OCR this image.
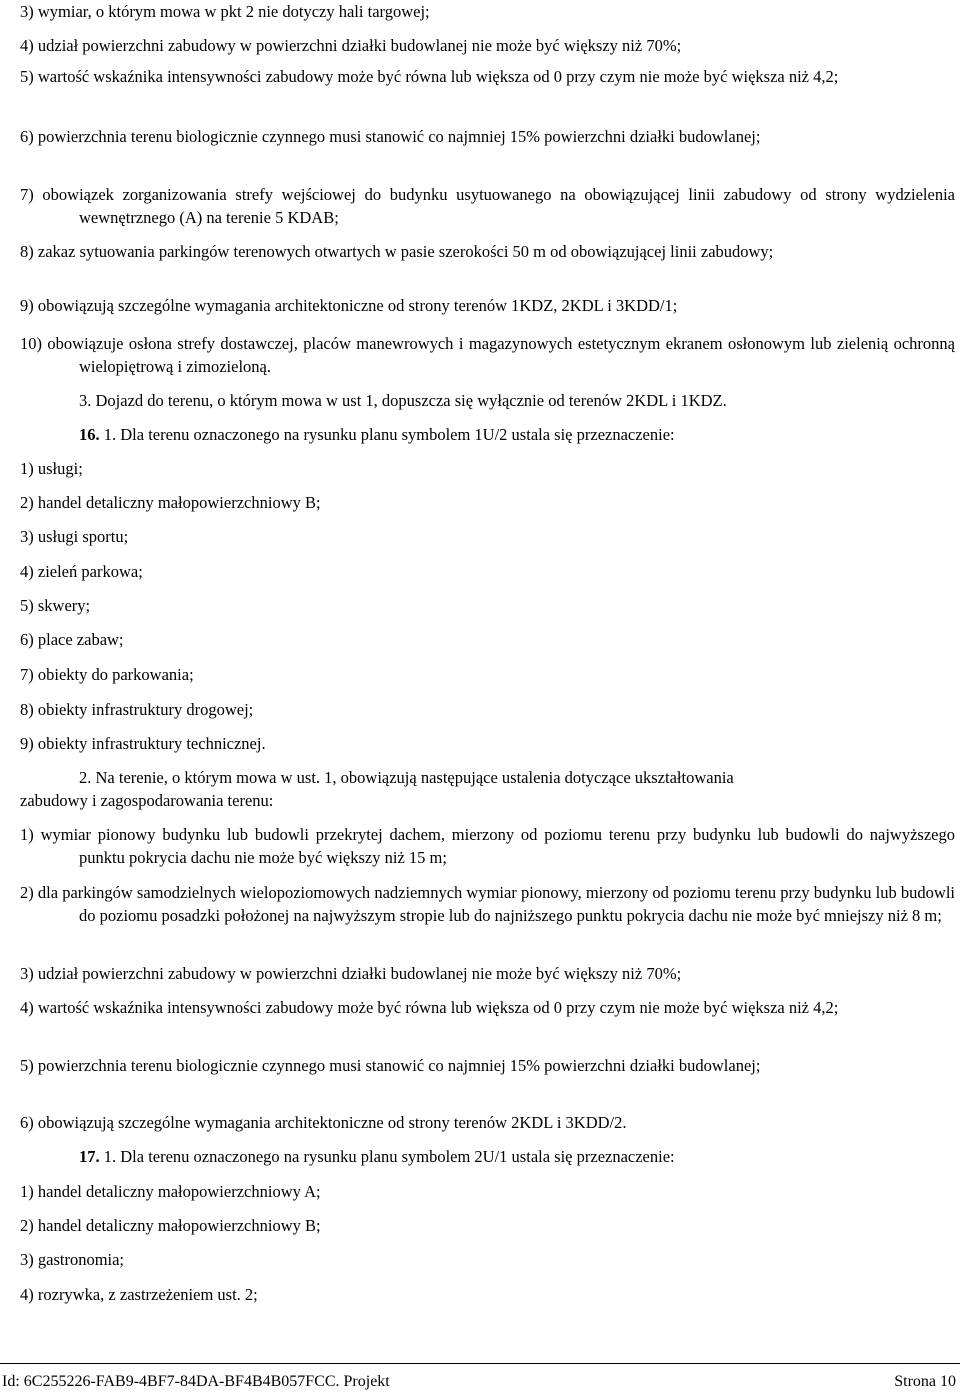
3) wymiar, o którym mowa w pkt 2 nie dotyczy hali targowej;
4) udział powierzchni zabudowy w powierzchni działki budowlanej nie może być większy niż 70%;
5) wartość wskaźnika intensywności zabudowy może być równa lub większa od 0 przy czym nie może być większa niż 4,2;
6) powierzchnia terenu biologicznie czynnego musi stanowić co najmniej 15% powierzchni działki budowlanej;
7) obowiązek zorganizowania strefy wejściowej do budynku usytuowanego na obowiązującej linii zabudowy od strony wydzielenia wewnętrznego (A) na terenie 5 KDAB;
8) zakaz sytuowania parkingów terenowych otwartych w pasie szerokości 50 m od obowiązującej linii zabudowy;
9) obowiązują szczególne wymagania architektoniczne od strony terenów 1KDZ, 2KDL i 3KDD/1;
10) obowiązuje osłona strefy dostawczej, placów manewrowych i magazynowych estetycznym ekranem osłonowym lub zielenią ochronną wielopiętrową i zimozieloną.
3. Dojazd do terenu, o którym mowa w ust 1, dopuszcza się wyłącznie od terenów 2KDL i 1KDZ.
16. 1. Dla terenu oznaczonego na rysunku planu symbolem 1U/2 ustala się przeznaczenie:
1) usługi;
2) handel detaliczny małopowierzchniowy B;
3) usługi sportu;
4) zieleń parkowa;
5) skwery;
6) place zabaw;
7) obiekty do parkowania;
8) obiekty infrastruktury drogowej;
9) obiekty infrastruktury technicznej.
2. Na terenie, o którym mowa w ust. 1, obowiązują następujące ustalenia dotyczące ukształtowania
zabudowy i zagospodarowania terenu:
1) wymiar pionowy budynku lub budowli przekrytej dachem, mierzony od poziomu terenu przy budynku lub budowli do najwyższego punktu pokrycia dachu nie może być większy niż 15 m;
2) dla parkingów samodzielnych wielopoziomowych nadziemnych wymiar pionowy, mierzony od poziomu terenu przy budynku lub budowli do poziomu posadzki położonej na najwyższym stropie lub do najniższego punktu pokrycia dachu nie może być mniejszy niż 8 m;
3) udział powierzchni zabudowy w powierzchni działki budowlanej nie może być większy niż 70%;
4) wartość wskaźnika intensywności zabudowy może być równa lub większa od 0 przy czym nie może być większa niż 4,2;
5) powierzchnia terenu biologicznie czynnego musi stanowić co najmniej 15% powierzchni działki budowlanej;
6) obowiązują szczególne wymagania architektoniczne od strony terenów 2KDL i 3KDD/2.
17. 1. Dla terenu oznaczonego na rysunku planu symbolem 2U/1 ustala się przeznaczenie:
1) handel detaliczny małopowierzchniowy A;
2) handel detaliczny małopowierzchniowy B;
3) gastronomia;
4) rozrywka, z zastrzeżeniem ust. 2;
Id: 6C255226-FAB9-4BF7-84DA-BF4B4B057FCC. Projekt	Strona 10
